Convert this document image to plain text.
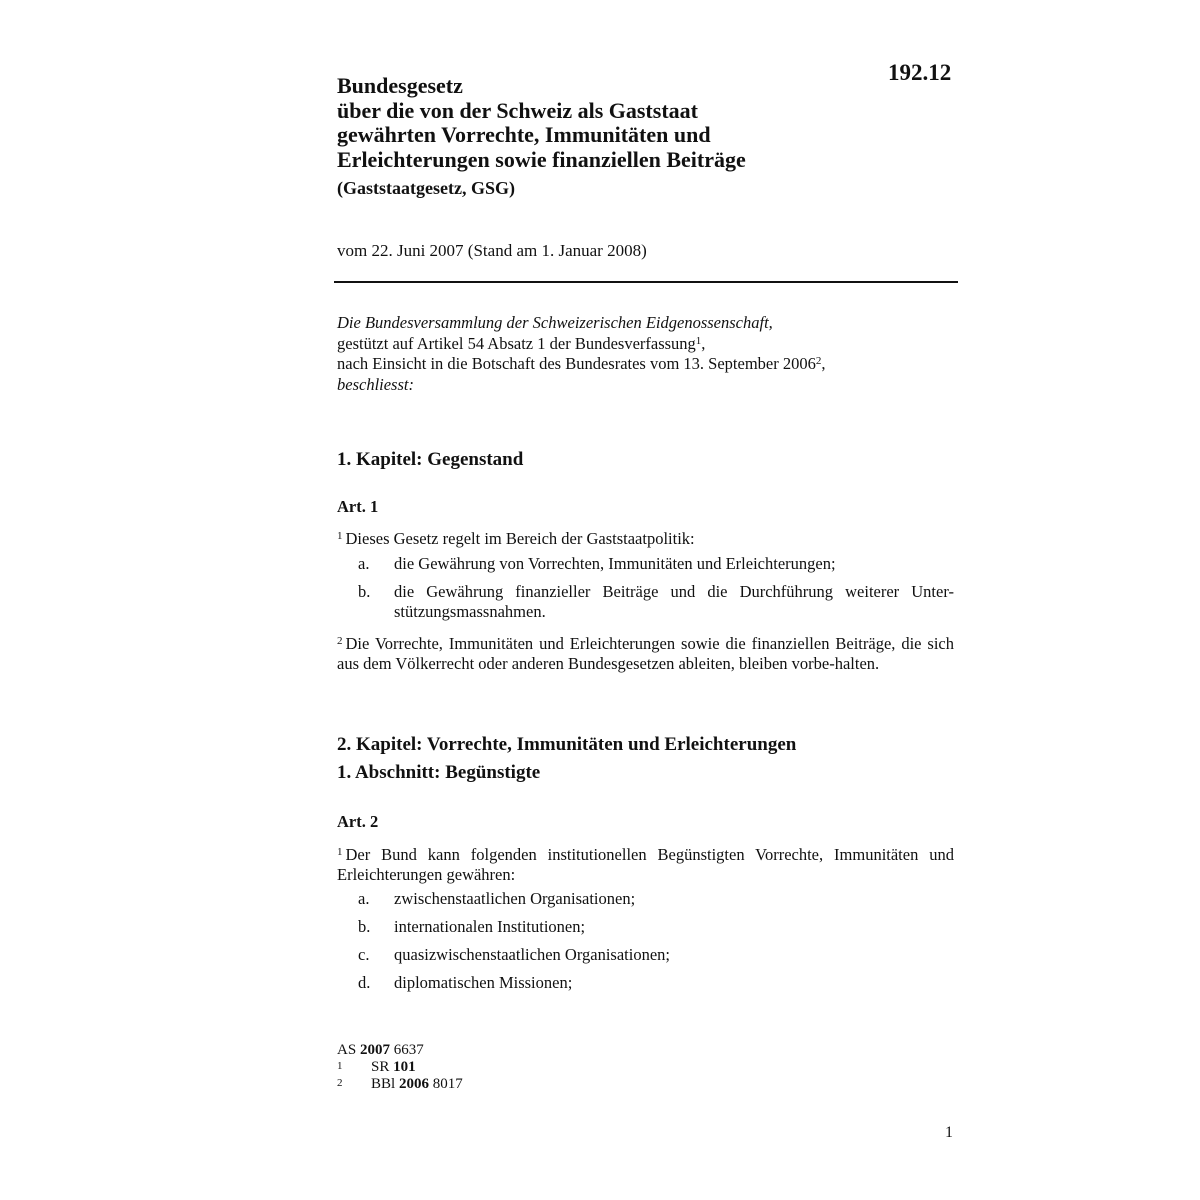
192.12
Bundesgesetz
über die von der Schweiz als Gaststaat
gewährten Vorrechte, Immunitäten und
Erleichterungen sowie finanziellen Beiträge
(Gaststaatgesetz, GSG)
vom 22. Juni 2007 (Stand am 1. Januar 2008)
Die Bundesversammlung der Schweizerischen Eidgenossenschaft,
gestützt auf Artikel 54 Absatz 1 der Bundesverfassung$^1$,
nach Einsicht in die Botschaft des Bundesrates vom 13. September 2006$^2$,
beschliesst:
1. Kapitel: Gegenstand
Art. 1
$^1$ Dieses Gesetz regelt im Bereich der Gaststaatpolitik:
a.	die Gewährung von Vorrechten, Immunitäten und Erleichterungen;
b.	die Gewährung finanzieller Beiträge und die Durchführung weiterer Unter-stützungsmassnahmen.
$^2$ Die Vorrechte, Immunitäten und Erleichterungen sowie die finanziellen Beiträge, die sich aus dem Völkerrecht oder anderen Bundesgesetzen ableiten, bleiben vorbe-halten.
2. Kapitel: Vorrechte, Immunitäten und Erleichterungen
1. Abschnitt: Begünstigte
Art. 2
$^1$ Der Bund kann folgenden institutionellen Begünstigten Vorrechte, Immunitäten und Erleichterungen gewähren:
a.	zwischenstaatlichen Organisationen;
b.	internationalen Institutionen;
c.	quasizwischenstaatlichen Organisationen;
d.	diplomatischen Missionen;
AS 2007 6637
1	SR 101
2	BBl 2006 8017
1
